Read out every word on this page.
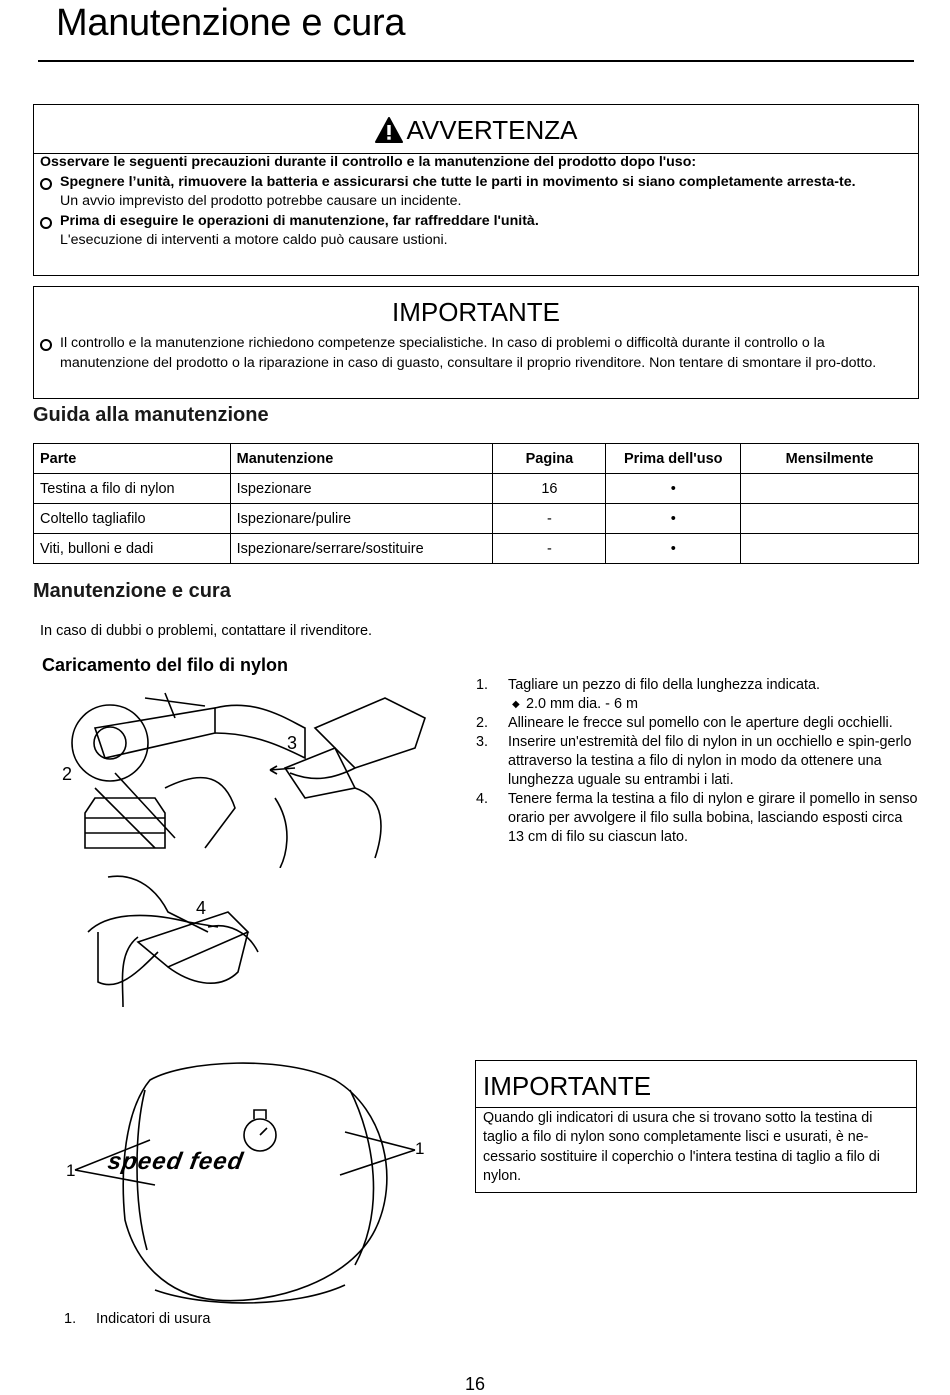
Manutenzione e cura
AVVERTENZA
Osservare le seguenti precauzioni durante il controllo e la manutenzione del prodotto dopo l'uso:
Spegnere l’unità, rimuovere la batteria e assicurarsi che tutte le parti in movimento si siano completamente arresta-te.
Un avvio imprevisto del prodotto potrebbe causare un incidente.
Prima di eseguire le operazioni di manutenzione, far raffreddare l'unità.
L'esecuzione di interventi a motore caldo può causare ustioni.
IMPORTANTE
Il controllo e la manutenzione richiedono competenze specialistiche. In caso di problemi o difficoltà durante il controllo o la manutenzione del prodotto o la riparazione in caso di guasto, consultare il proprio rivenditore. Non tentare di smontare il pro-dotto.
Guida alla manutenzione
Parte	Manutenzione	Pagina	Prima dell'uso	Mensilmente
Testina a filo di nylon	Ispezionare	16	•	
Coltello tagliafilo	Ispezionare/pulire	-	•	
Viti, bulloni e dadi	Ispezionare/serrare/sostituire	-	•	
Manutenzione e cura
In caso di dubbi o problemi, contattare il rivenditore.
Caricamento del filo di nylon
2
3
4
1. Tagliare un pezzo di filo della lunghezza indicata.
◆ 2.0 mm dia. - 6 m
2. Allineare le frecce sul pomello con le aperture degli occhielli.
3. Inserire un'estremità del filo di nylon in un occhiello e spin-gerlo attraverso la testina a filo di nylon in modo da ottenere una lunghezza uguale su entrambi i lati.
4. Tenere ferma la testina a filo di nylon e girare il pomello in senso orario per avvolgere il filo sulla bobina, lasciando esposti circa 13 cm di filo su ciascun lato.
speed feed
1
1
IMPORTANTE
Quando gli indicatori di usura che si trovano sotto la testina di taglio a filo di nylon sono completamente lisci e usurati, è ne-cessario sostituire il coperchio o l'intera testina di taglio a filo di nylon.
1. Indicatori di usura
16
